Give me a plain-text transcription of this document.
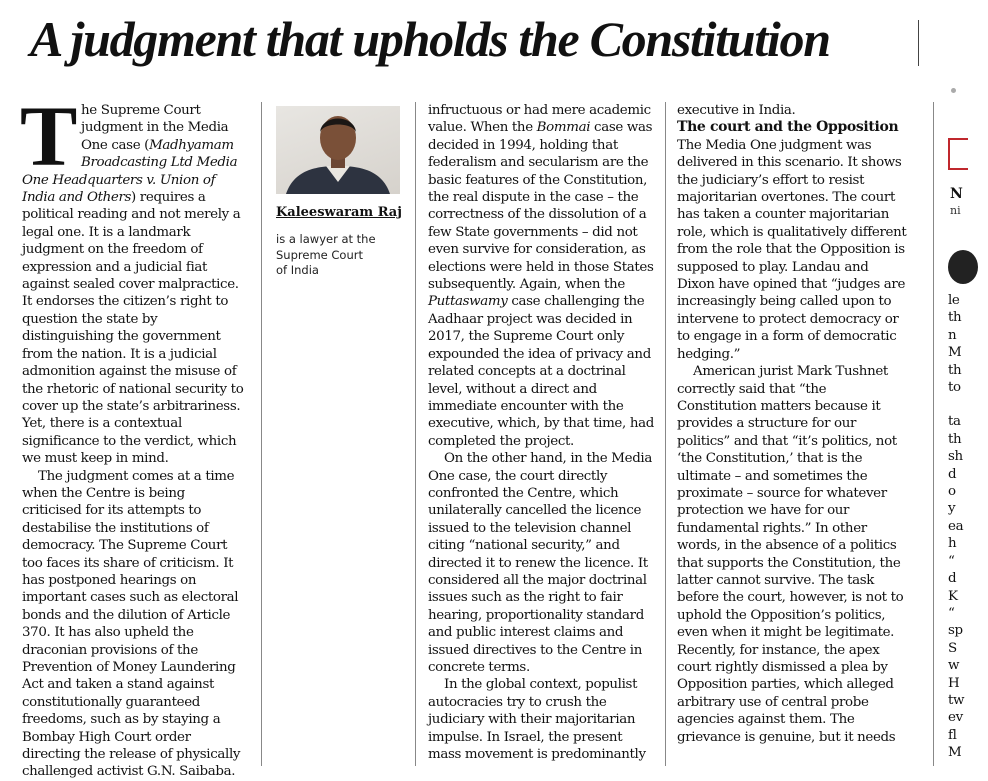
A judgment that upholds the Constitution

The Supreme Court judgment in the Media One case (Madhyamam Broadcasting Ltd Media One Headquarters v. Union of India and Others) requires a political reading and not merely a legal one. It is a landmark judgment on the freedom of expression and a judicial fiat against sealed cover malpractice. It endorses the citizen’s right to question the state by distinguishing the government from the nation. It is a judicial admonition against the misuse of the rhetoric of national security to cover up the state’s arbitrariness. Yet, there is a contextual significance to the verdict, which we must keep in mind.

The judgment comes at a time when the Centre is being criticised for its attempts to destabilise the institutions of democracy. The Supreme Court too faces its share of criticism. It has postponed hearings on important cases such as electoral bonds and the dilution of Article 370. It has also upheld the draconian provisions of the Prevention of Money Laundering Act and taken a stand against constitutionally guaranteed freedoms, such as by staying a Bombay High Court order directing the release of physically challenged activist G.N. Saibaba.

Kaleeswaram Raj
is a lawyer at the
Supreme Court
of India

infructuous or had mere academic value. When the Bommai case was decided in 1994, holding that federalism and secularism are the basic features of the Constitution, the real dispute in the case – the correctness of the dissolution of a few State governments – did not even survive for consideration, as elections were held in those States subsequently. Again, when the Puttaswamy case challenging the Aadhaar project was decided in 2017, the Supreme Court only expounded the idea of privacy and related concepts at a doctrinal level, without a direct and immediate encounter with the executive, which, by that time, had completed the project.

On the other hand, in the Media One case, the court directly confronted the Centre, which unilaterally cancelled the licence issued to the television channel citing “national security,” and directed it to renew the licence. It considered all the major doctrinal issues such as the right to fair hearing, proportionality standard and public interest claims and issued directives to the Centre in concrete terms.

In the global context, populist autocracies try to crush the judiciary with their majoritarian impulse. In Israel, the present mass movement is predominantly

executive in India.

The court and the Opposition

The Media One judgment was delivered in this scenario. It shows the judiciary’s effort to resist majoritarian overtones. The court has taken a counter majoritarian role, which is qualitatively different from the role that the Opposition is supposed to play. Landau and Dixon have opined that “judges are increasingly being called upon to intervene to protect democracy or to engage in a form of democratic hedging.”

American jurist Mark Tushnet correctly said that “the Constitution matters because it provides a structure for our politics” and that “it’s politics, not ‘the Constitution,’ that is the ultimate – and sometimes the proximate – source for whatever protection we have for our fundamental rights.” In other words, in the absence of a politics that supports the Constitution, the latter cannot survive. The task before the court, however, is not to uphold the Opposition’s politics, even when it might be legitimate. Recently, for instance, the apex court rightly dismissed a plea by Opposition parties, which alleged arbitrary use of central probe agencies against them. The grievance is genuine, but it needs

N
ni
le
th
n
M
th
to
ta
th
sh
d
o
y
ea
h
“
d
K
“
sp
S
w
H
tw
ev
fl
M
